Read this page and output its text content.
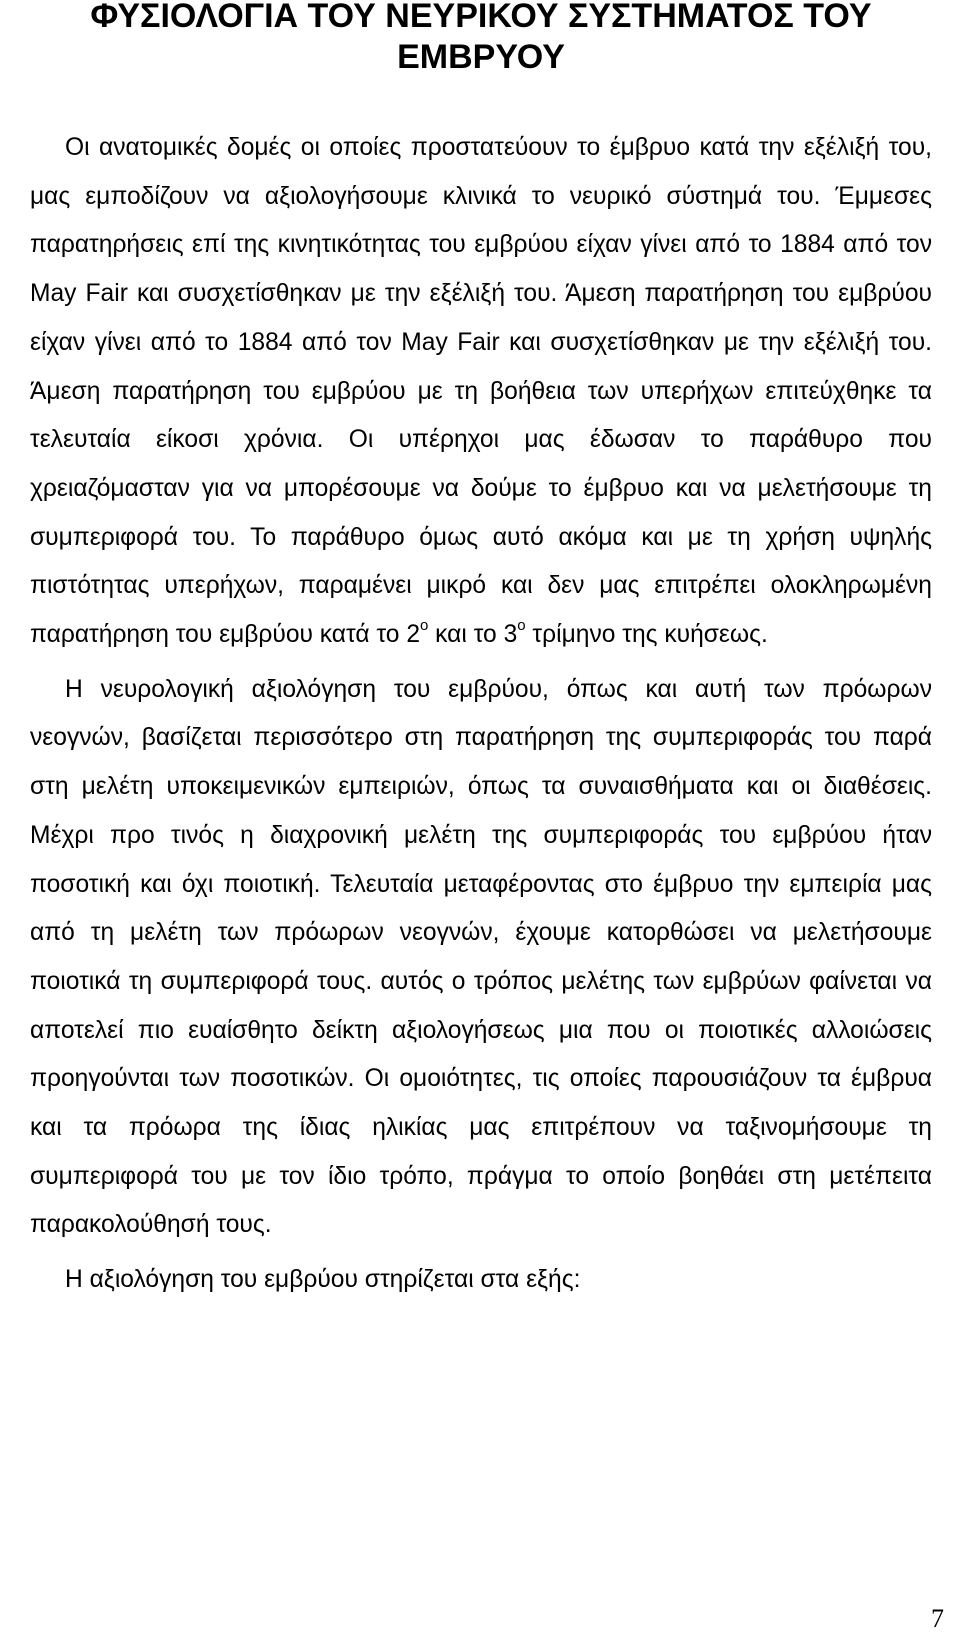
ΦΥΣΙΟΛΟΓΙΑ ΤΟΥ ΝΕΥΡΙΚΟΥ ΣΥΣΤΗΜΑΤΟΣ ΤΟΥ ΕΜΒΡΥΟΥ

Οι ανατομικές δομές οι οποίες προστατεύουν το έμβρυο κατά την εξέλιξή του, μας εμποδίζουν να αξιολογήσουμε κλινικά το νευρικό σύστημά του. Έμμεσες παρατηρήσεις επί της κινητικότητας του εμβρύου είχαν γίνει από το 1884 από τον May Fair και συσχετίσθηκαν με την εξέλιξή του. Άμεση παρατήρηση του εμβρύου είχαν γίνει από το 1884 από τον May Fair και συσχετίσθηκαν με την εξέλιξή του. Άμεση παρατήρηση του εμβρύου με τη βοήθεια των υπερήχων επιτεύχθηκε τα τελευταία είκοσι χρόνια. Οι υπέρηχοι μας έδωσαν το παράθυρο που χρειαζόμασταν για να μπορέσουμε να δούμε το έμβρυο και να μελετήσουμε τη συμπεριφορά του. Το παράθυρο όμως αυτό ακόμα και με τη χρήση υψηλής πιστότητας υπερήχων, παραμένει μικρό και δεν μας επιτρέπει ολοκληρωμένη παρατήρηση του εμβρύου κατά το $2^o$ και το $3^o$ τρίμηνο της κυήσεως.

Η νευρολογική αξιολόγηση του εμβρύου, όπως και αυτή των πρόωρων νεογνών, βασίζεται περισσότερο στη παρατήρηση της συμπεριφοράς του παρά στη μελέτη υποκειμενικών εμπειριών, όπως τα συναισθήματα και οι διαθέσεις. Μέχρι προ τινός η διαχρονική μελέτη της συμπεριφοράς του εμβρύου ήταν ποσοτική και όχι ποιοτική. Τελευταία μεταφέροντας στο έμβρυο την εμπειρία μας από τη μελέτη των πρόωρων νεογνών, έχουμε κατορθώσει να μελετήσουμε ποιοτικά τη συμπεριφορά τους. αυτός ο τρόπος μελέτης των εμβρύων φαίνεται να αποτελεί πιο ευαίσθητο δείκτη αξιολογήσεως μια που οι ποιοτικές αλλοιώσεις προηγούνται των ποσοτικών. Οι ομοιότητες, τις οποίες παρουσιάζουν τα έμβρυα και τα πρόωρα της ίδιας ηλικίας μας επιτρέπουν να ταξινομήσουμε τη συμπεριφορά του με τον ίδιο τρόπο, πράγμα το οποίο βοηθάει στη μετέπειτα παρακολούθησή τους.

Η αξιολόγηση του εμβρύου στηρίζεται στα εξής:

7
